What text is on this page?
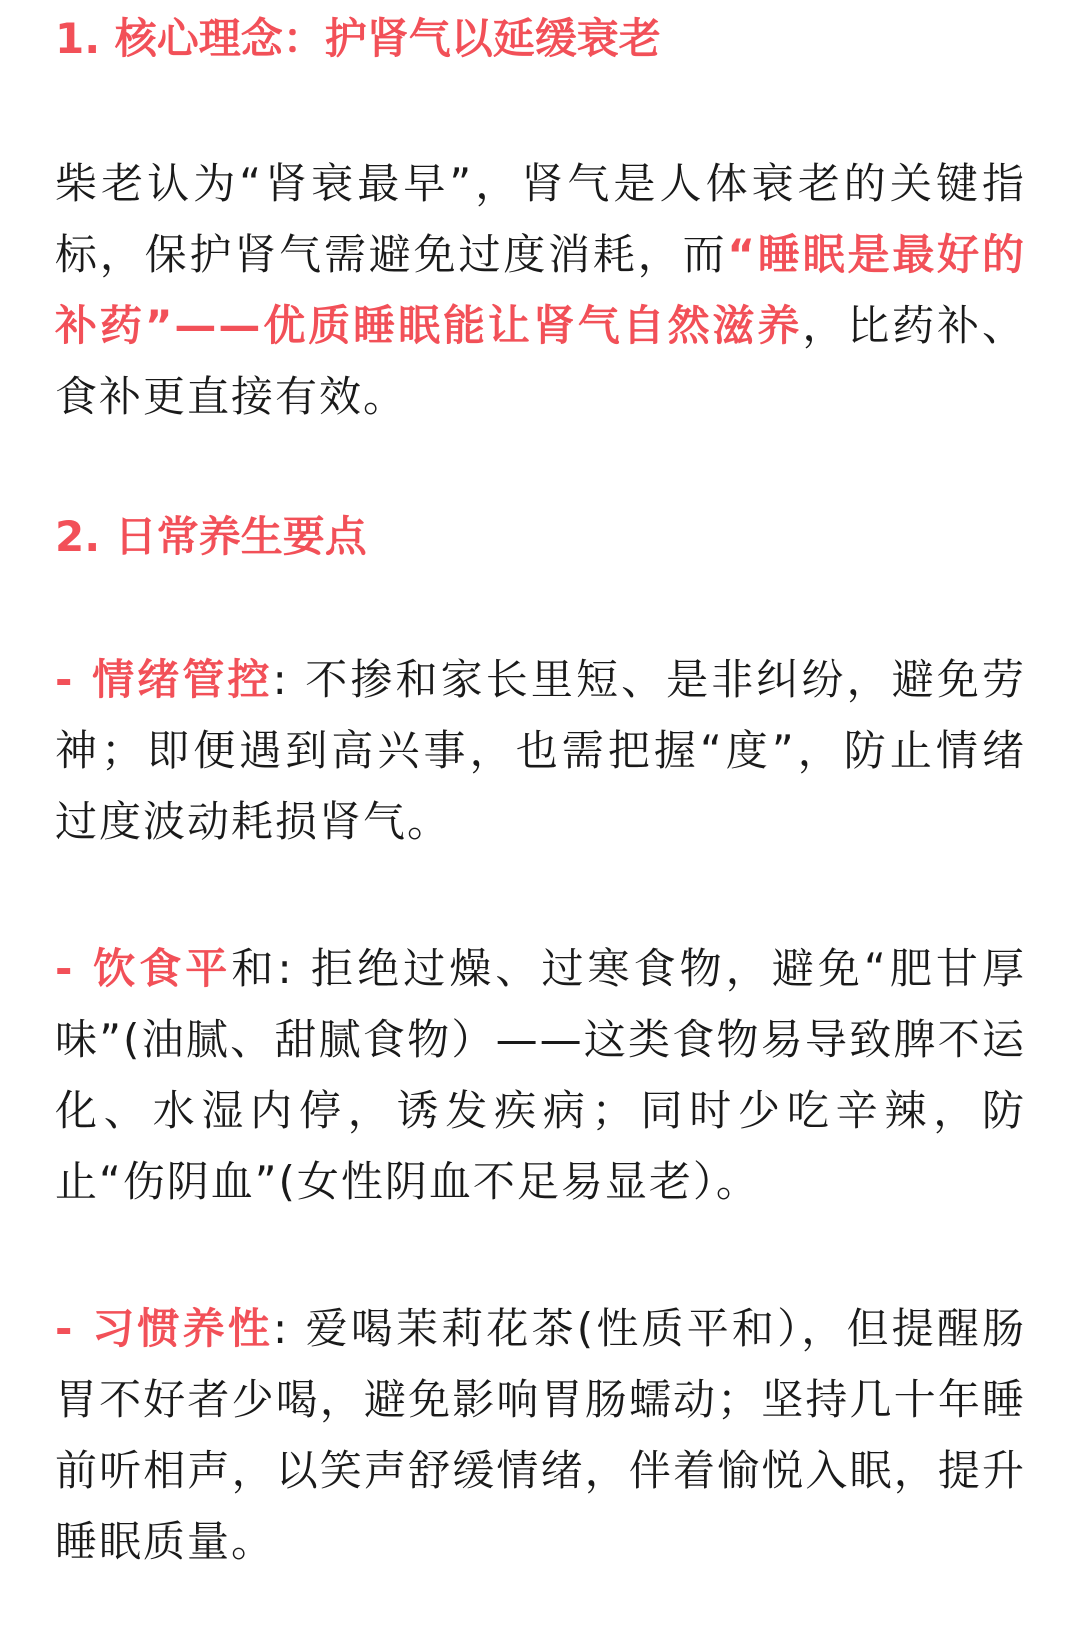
1. 核心理念：护肾气以延缓衰老

柴老认为“肾衰最早”，肾气是人体衰老的关键指标，保护肾气需避免过度消耗，而“睡眠是最好的补药”——优质睡眠能让肾气自然滋养，比药补、食补更直接有效。

2. 日常养生要点

- 情绪管控: 不掺和家长里短、是非纠纷，避免劳神；即便遇到高兴事，也需把握“度”，防止情绪过度波动耗损肾气。

- 饮食平和: 拒绝过燥、过寒食物，避免“肥甘厚味”(油腻、甜腻食物）——这类食物易导致脾不运化、水湿内停，诱发疾病；同时少吃辛辣，防止“伤阴血”(女性阴血不足易显老）。

- 习惯养性: 爱喝茉莉花茶(性质平和），但提醒肠胃不好者少喝，避免影响胃肠蠕动；坚持几十年睡前听相声，以笑声舒缓情绪，伴着愉悦入眠，提升睡眠质量。
